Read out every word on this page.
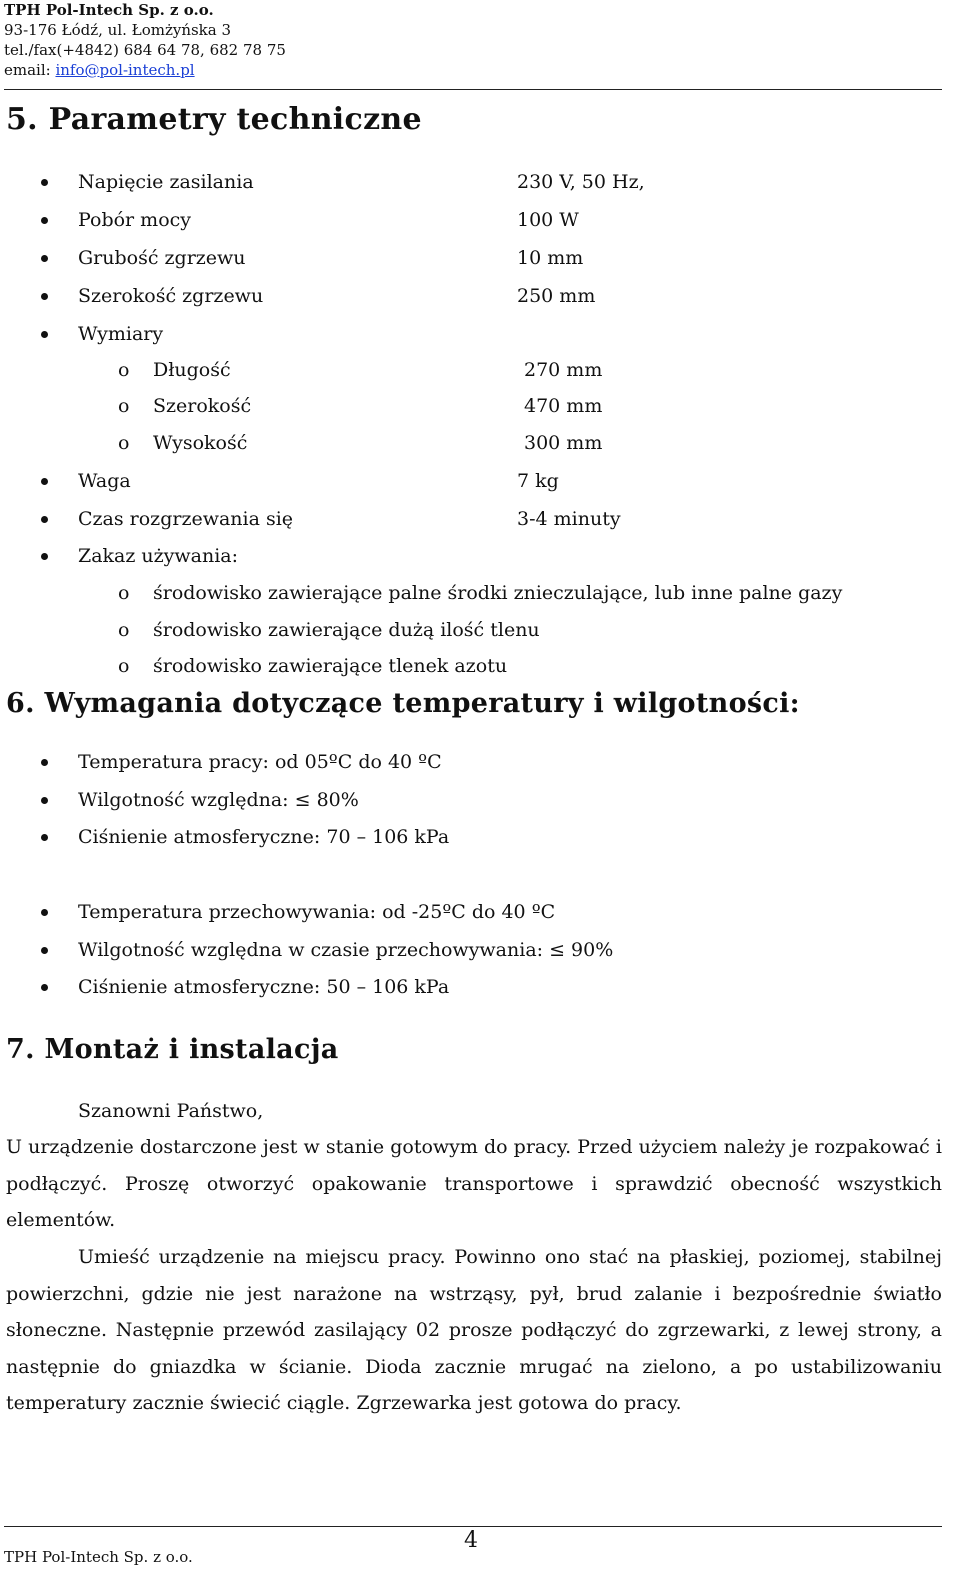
TPH Pol-Intech Sp. z o.o.
93-176 Łódź, ul. Łomżyńska 3
tel./fax(+4842) 684 64 78, 682 78 75
email: info@pol-intech.pl
5. Parametry techniczne
Napięcie zasilania	230 V, 50 Hz,
Pobór mocy	100 W
Grubość zgrzewu	10 mm
Szerokość zgrzewu	250 mm
Wymiary
o Długość	270 mm
o Szerokość	470 mm
o Wysokość	300 mm
Waga	7 kg
Czas rozgrzewania się	3-4 minuty
Zakaz używania:
o środowisko zawierające palne środki znieczulające, lub inne palne gazy
o środowisko zawierające dużą ilość tlenu
o środowisko zawierające tlenek azotu
6. Wymagania dotyczące temperatury i wilgotności:
Temperatura pracy: od 05ºC do 40 ºC
Wilgotność względna: ≤ 80%
Ciśnienie atmosferyczne: 70 – 106 kPa
Temperatura przechowywania: od -25ºC do 40 ºC
Wilgotność względna w czasie przechowywania: ≤ 90%
Ciśnienie atmosferyczne: 50 – 106 kPa
7. Montaż i instalacja
Szanowni Państwo,
U urządzenie dostarczone jest w stanie gotowym do pracy. Przed użyciem należy je rozpakować i podłączyć. Proszę otworzyć opakowanie transportowe i sprawdzić obecność wszystkich elementów.
Umieść urządzenie na miejscu pracy. Powinno ono stać na płaskiej, poziomej, stabilnej powierzchni, gdzie nie jest narażone na wstrząsy, pył, brud zalanie i bezpośrednie światło słoneczne. Następnie przewód zasilający 02 prosze podłączyć do zgrzewarki, z lewej strony, a następnie do gniazdka w ścianie. Dioda zacznie mrugać na zielono, a po ustabilizowaniu temperatury zacznie świecić ciągle. Zgrzewarka jest gotowa do pracy.
4
TPH Pol-Intech Sp. z o.o.
